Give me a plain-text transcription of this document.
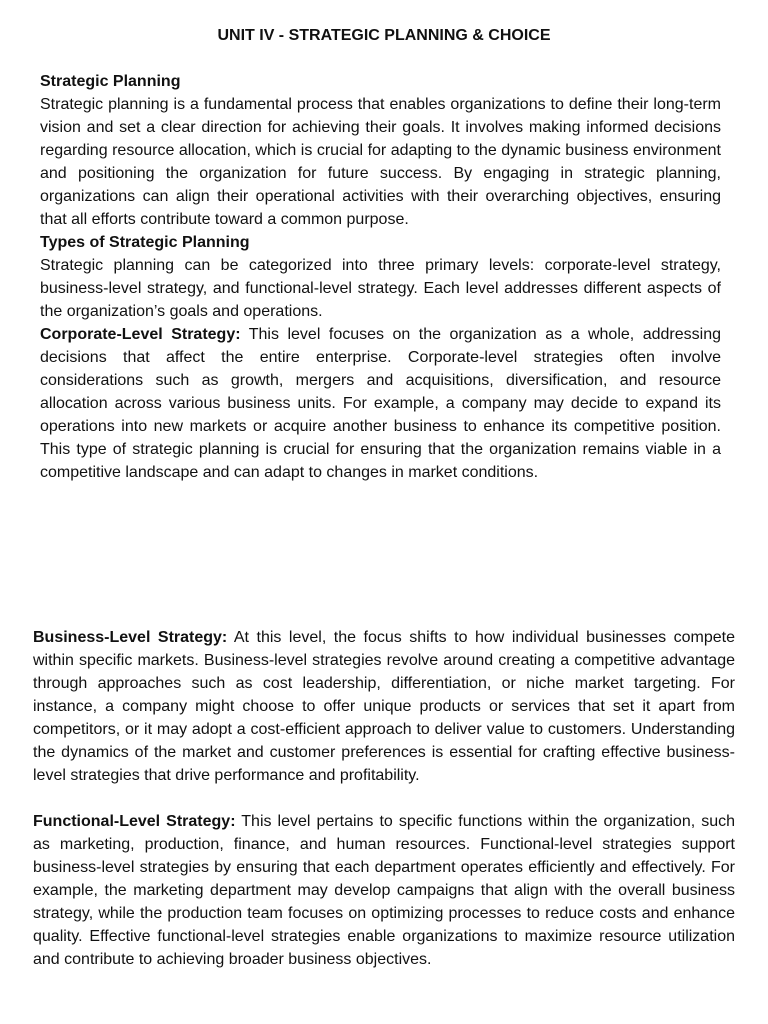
UNIT IV - STRATEGIC PLANNING & CHOICE
Strategic Planning

Strategic planning is a fundamental process that enables organizations to define their long-term vision and set a clear direction for achieving their goals. It involves making informed decisions regarding resource allocation, which is crucial for adapting to the dynamic business environment and positioning the organization for future success. By engaging in strategic planning, organizations can align their operational activities with their overarching objectives, ensuring that all efforts contribute toward a common purpose.

Types of Strategic Planning

Strategic planning can be categorized into three primary levels: corporate-level strategy, business-level strategy, and functional-level strategy. Each level addresses different aspects of the organization’s goals and operations.

Corporate-Level Strategy: This level focuses on the organization as a whole, addressing decisions that affect the entire enterprise. Corporate-level strategies often involve considerations such as growth, mergers and acquisitions, diversification, and resource allocation across various business units. For example, a company may decide to expand its operations into new markets or acquire another business to enhance its competitive position. This type of strategic planning is crucial for ensuring that the organization remains viable in a competitive landscape and can adapt to changes in market conditions.

Business-Level Strategy: At this level, the focus shifts to how individual businesses compete within specific markets. Business-level strategies revolve around creating a competitive advantage through approaches such as cost leadership, differentiation, or niche market targeting. For instance, a company might choose to offer unique products or services that set it apart from competitors, or it may adopt a cost-efficient approach to deliver value to customers. Understanding the dynamics of the market and customer preferences is essential for crafting effective business-level strategies that drive performance and profitability.

Functional-Level Strategy: This level pertains to specific functions within the organization, such as marketing, production, finance, and human resources. Functional-level strategies support business-level strategies by ensuring that each department operates efficiently and effectively. For example, the marketing department may develop campaigns that align with the overall business strategy, while the production team focuses on optimizing processes to reduce costs and enhance quality. Effective functional-level strategies enable organizations to maximize resource utilization and contribute to achieving broader business objectives.
